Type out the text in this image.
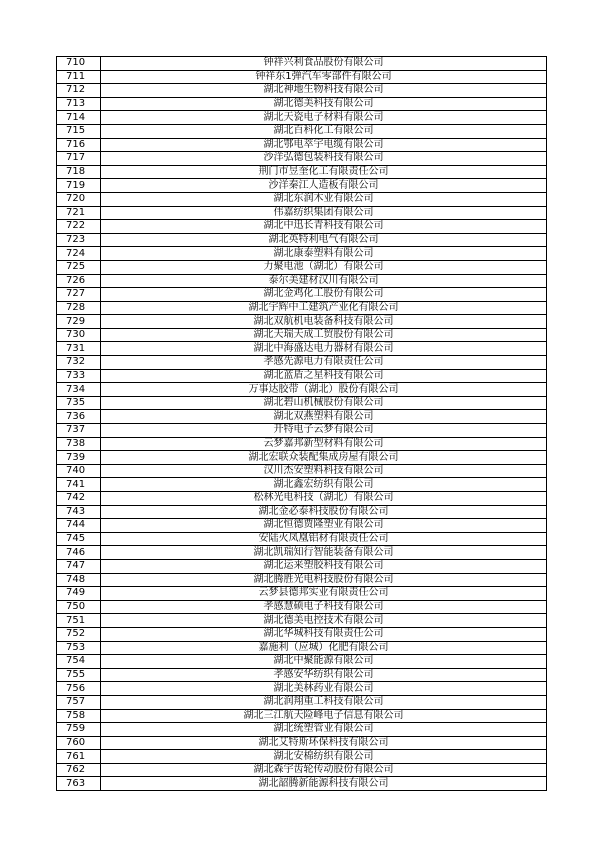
710	钟祥兴利食品股份有限公司
711	钟祥东1弹汽车零部件有限公司
712	湖北神地生物科技有限公司
713	湖北德美科技有限公司
714	湖北天瓷电子材料有限公司
715	湖北百科化工有限公司
716	湖北鄂电萃宇电缆有限公司
717	沙洋弘德包装科技有限公司
718	荆门市昱奎化工有限责任公司
719	沙洋秦江人造板有限公司
720	湖北东润木业有限公司
721	伟嘉纺织集团有限公司
722	湖北中迅长青科技有限公司
723	湖北英特利电气有限公司
724	湖北康泰塑料有限公司
725	力聚电池（湖北）有限公司
726	泰尔美建材汉川有限公司
727	湖北金鸡化工股份有限公司
728	湖北宇辉中工建筑产业化有限公司
729	湖北双航机电装备科技有限公司
730	湖北天瑞天成工贸股份有限公司
731	湖北中海盛达电力器材有限公司
732	孝感先源电力有限责任公司
733	湖北蓝盾之星科技有限公司
734	万事达胶带（湖北）股份有限公司
735	湖北碧山机械股份有限公司
736	湖北双燕塑料有限公司
737	开特电子云梦有限公司
738	云梦嘉邦新型材料有限公司
739	湖北宏联众装配集成房屋有限公司
740	汉川杰安塑料科技有限公司
741	湖北鑫宏纺织有限公司
742	松林光电科技（湖北）有限公司
743	湖北金必泰科技股份有限公司
744	湖北恒德贾隆塑业有限公司
745	安陆火凤凰铝材有限责任公司
746	湖北凯瑞知行智能装备有限公司
747	湖北运来塑胶科技有限公司
748	湖北腾胜光电科技股份有限公司
749	云梦县德邦实业有限责任公司
750	孝感慧硕电子科技有限公司
751	湖北德美电控技术有限公司
752	湖北华城科技有限责任公司
753	嘉施利（应城）化肥有限公司
754	湖北中聚能源有限公司
755	孝感安华纺织有限公司
756	湖北美林药业有限公司
757	湖北润翔重工科技有限公司
758	湖北三江航天险峰电子信息有限公司
759	湖北统塑管业有限公司
760	湖北艾特斯环保科技有限公司
761	湖北安棉纺织有限公司
762	湖北森宇齿轮传动股份有限公司
763	湖北韶腾新能源科技有限公司
